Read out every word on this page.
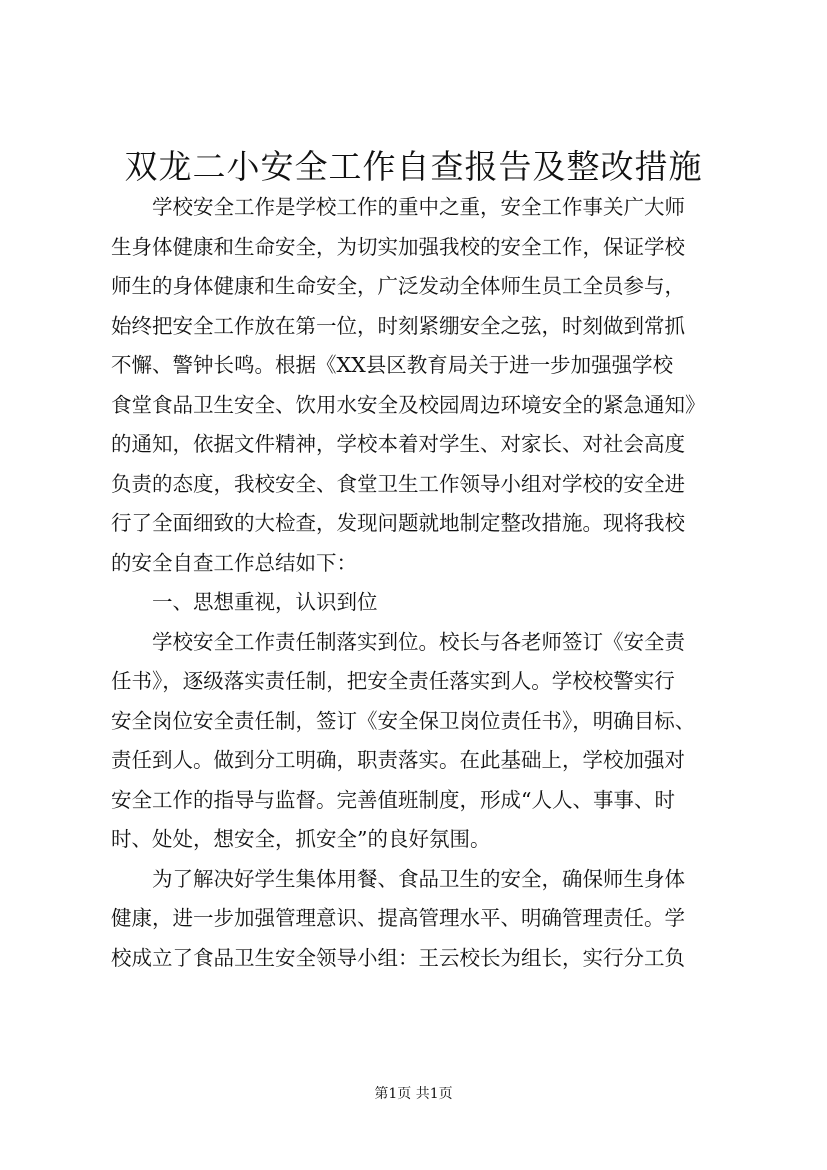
双龙二小安全工作自查报告及整改措施
学校安全工作是学校工作的重中之重，安全工作事关广大师
生身体健康和生命安全，为切实加强我校的安全工作，保证学校
师生的身体健康和生命安全，广泛发动全体师生员工全员参与，
始终把安全工作放在第一位，时刻紧绷安全之弦，时刻做到常抓
不懈、警钟长鸣。根据《XX县区教育局关于进一步加强强学校
食堂食品卫生安全、饮用水安全及校园周边环境安全的紧急通知》
的通知，依据文件精神，学校本着对学生、对家长、对社会高度
负责的态度，我校安全、食堂卫生工作领导小组对学校的安全进
行了全面细致的大检查，发现问题就地制定整改措施。现将我校
的安全自查工作总结如下：
一、思想重视，认识到位
学校安全工作责任制落实到位。校长与各老师签订《安全责
任书》，逐级落实责任制，把安全责任落实到人。学校校警实行
安全岗位安全责任制，签订《安全保卫岗位责任书》，明确目标、
责任到人。做到分工明确，职责落实。在此基础上，学校加强对
安全工作的指导与监督。完善值班制度，形成“人人、事事、时
时、处处，想安全，抓安全”的良好氛围。
为了解决好学生集体用餐、食品卫生的安全，确保师生身体
健康，进一步加强管理意识、提高管理水平、明确管理责任。学
校成立了食品卫生安全领导小组：王云校长为组长，实行分工负
第1页 共1页
